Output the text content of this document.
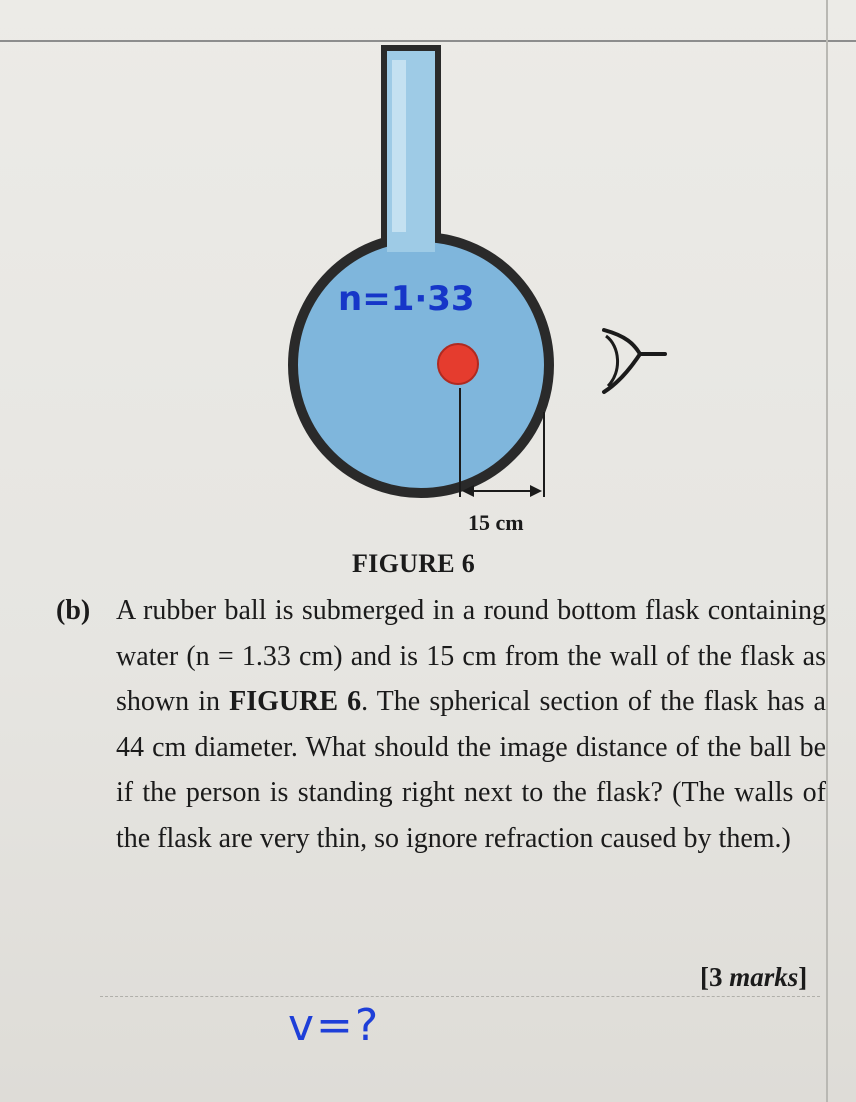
n=1·33
15 cm
FIGURE 6
(b) A rubber ball is submerged in a round bottom flask containing water (n = 1.33 cm) and is 15 cm from the wall of the flask as shown in FIGURE 6. The spherical section of the flask has a 44 cm diameter. What should the image distance of the ball be if the person is standing right next to the flask? (The walls of the flask are very thin, so ignore refraction caused by them.)
[3 marks]
v=?
